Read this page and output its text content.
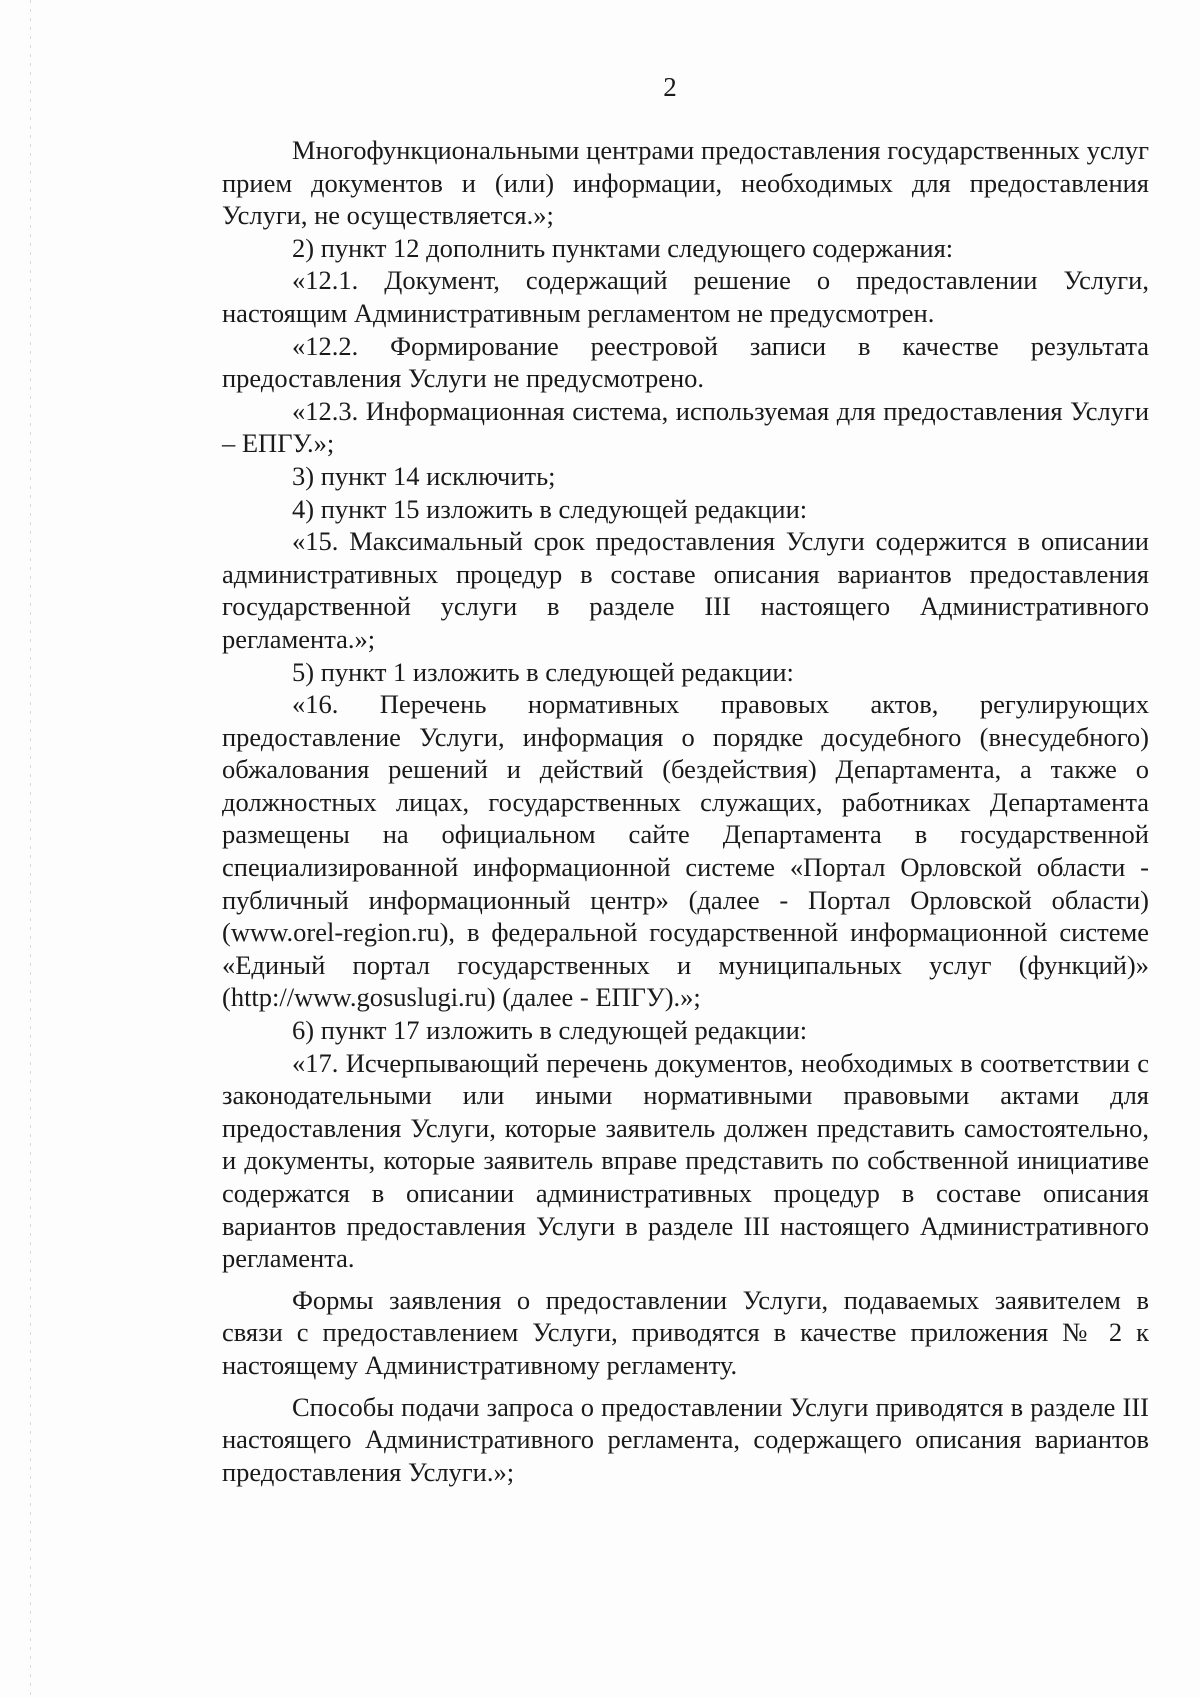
2

Многофункциональными центрами предоставления государственных услуг прием документов и (или) информации, необходимых для предоставления Услуги, не осуществляется.»;

2) пункт 12 дополнить пунктами следующего содержания:

«12.1. Документ, содержащий решение о предоставлении Услуги, настоящим Административным регламентом не предусмотрен.

«12.2. Формирование реестровой записи в качестве результата предоставления Услуги не предусмотрено.

«12.3. Информационная система, используемая для предоставления Услуги – ЕПГУ.»;

3) пункт 14 исключить;

4) пункт 15 изложить в следующей редакции:

«15. Максимальный срок предоставления Услуги содержится в описании административных процедур в составе описания вариантов предоставления государственной услуги в разделе III настоящего Административного регламента.»;

5) пункт 1 изложить в следующей редакции:

«16. Перечень нормативных правовых актов, регулирующих предоставление Услуги, информация о порядке досудебного (внесудебного) обжалования решений и действий (бездействия) Департамента, а также о должностных лицах, государственных служащих, работниках Департамента размещены на официальном сайте Департамента в государственной специализированной информационной системе «Портал Орловской области - публичный информационный центр» (далее - Портал Орловской области) (www.orel-region.ru), в федеральной государственной информационной системе «Единый портал государственных и муниципальных услуг (функций)» (http://www.gosuslugi.ru) (далее - ЕПГУ).»;

6) пункт 17 изложить в следующей редакции:

«17. Исчерпывающий перечень документов, необходимых в соответствии с законодательными или иными нормативными правовыми актами для предоставления Услуги, которые заявитель должен представить самостоятельно, и документы, которые заявитель вправе представить по собственной инициативе содержатся в описании административных процедур в составе описания вариантов предоставления Услуги в разделе III настоящего Административного регламента.

Формы заявления о предоставлении Услуги, подаваемых заявителем в связи с предоставлением Услуги, приводятся в качестве приложения № 2 к настоящему Административному регламенту.

Способы подачи запроса о предоставлении Услуги приводятся в разделе III настоящего Административного регламента, содержащего описания вариантов предоставления Услуги.»;
